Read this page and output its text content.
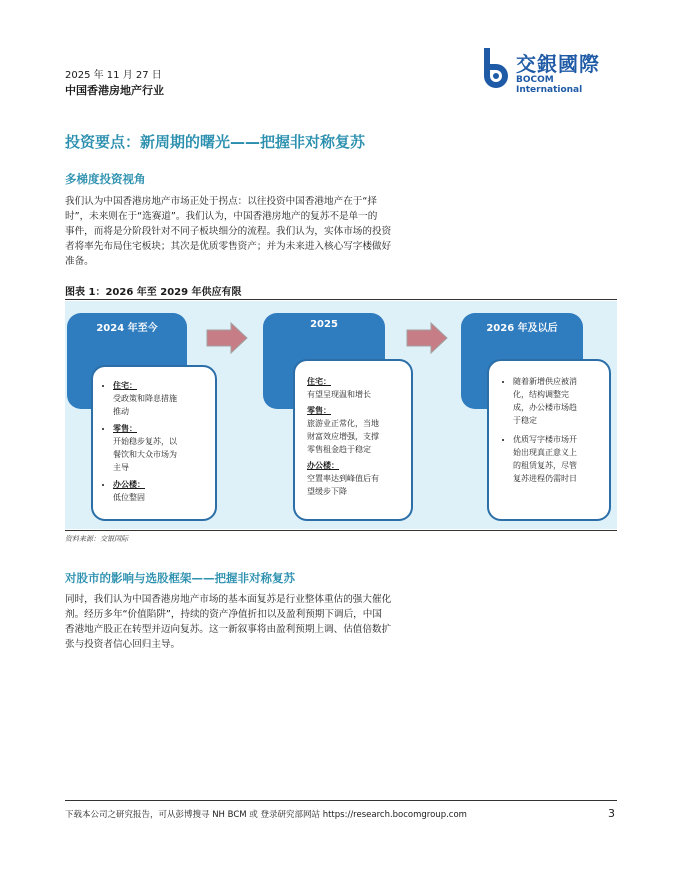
2025 年 11 月 27 日
中国香港房地产行业
交銀國際
BOCOM International
投资要点：新周期的曙光——把握非对称复苏
多梯度投资视角
我们认为中国香港房地产市场正处于拐点：以往投资中国香港地产在于“择
时”，未来则在于“选赛道”。我们认为，中国香港房地产的复苏不是单一的
事件，而将是分阶段针对不同子板块细分的流程。我们认为，实体市场的投资
者将率先布局住宅板块；其次是优质零售资产；并为未来进入核心写字楼做好
准备。
图表 1：2026 年至 2029 年供应有限
2024 年至今
• 住宅：
受政策和降息措施
推动
• 零售：
开始稳步复苏，以
餐饮和大众市场为
主导
• 办公楼：
低位整固
2025
住宅：
有望呈现温和增长
零售：
旅游业正常化，当地
财富效应增强，支撑
零售租金趋于稳定
办公楼：
空置率达到峰值后有
望缓步下降
2026 年及以后
• 随着新增供应被消
化，结构调整完
成，办公楼市场趋
于稳定
• 优质写字楼市场开
始出现真正意义上
的租赁复苏，尽管
复苏进程仍需时日
资料来源：交银国际
对股市的影响与选股框架——把握非对称复苏
同时，我们认为中国香港房地产市场的基本面复苏是行业整体重估的强大催化
剂。经历多年“价值陷阱”，持续的资产净值折扣以及盈利预期下调后，中国
香港地产股正在转型并迈向复苏。这一新叙事将由盈利预期上调、估值倍数扩
张与投资者信心回归主导。
下载本公司之研究报告，可从彭博搜寻 NH BCM 或 登录研究部网站 https://research.bocomgroup.com	3
